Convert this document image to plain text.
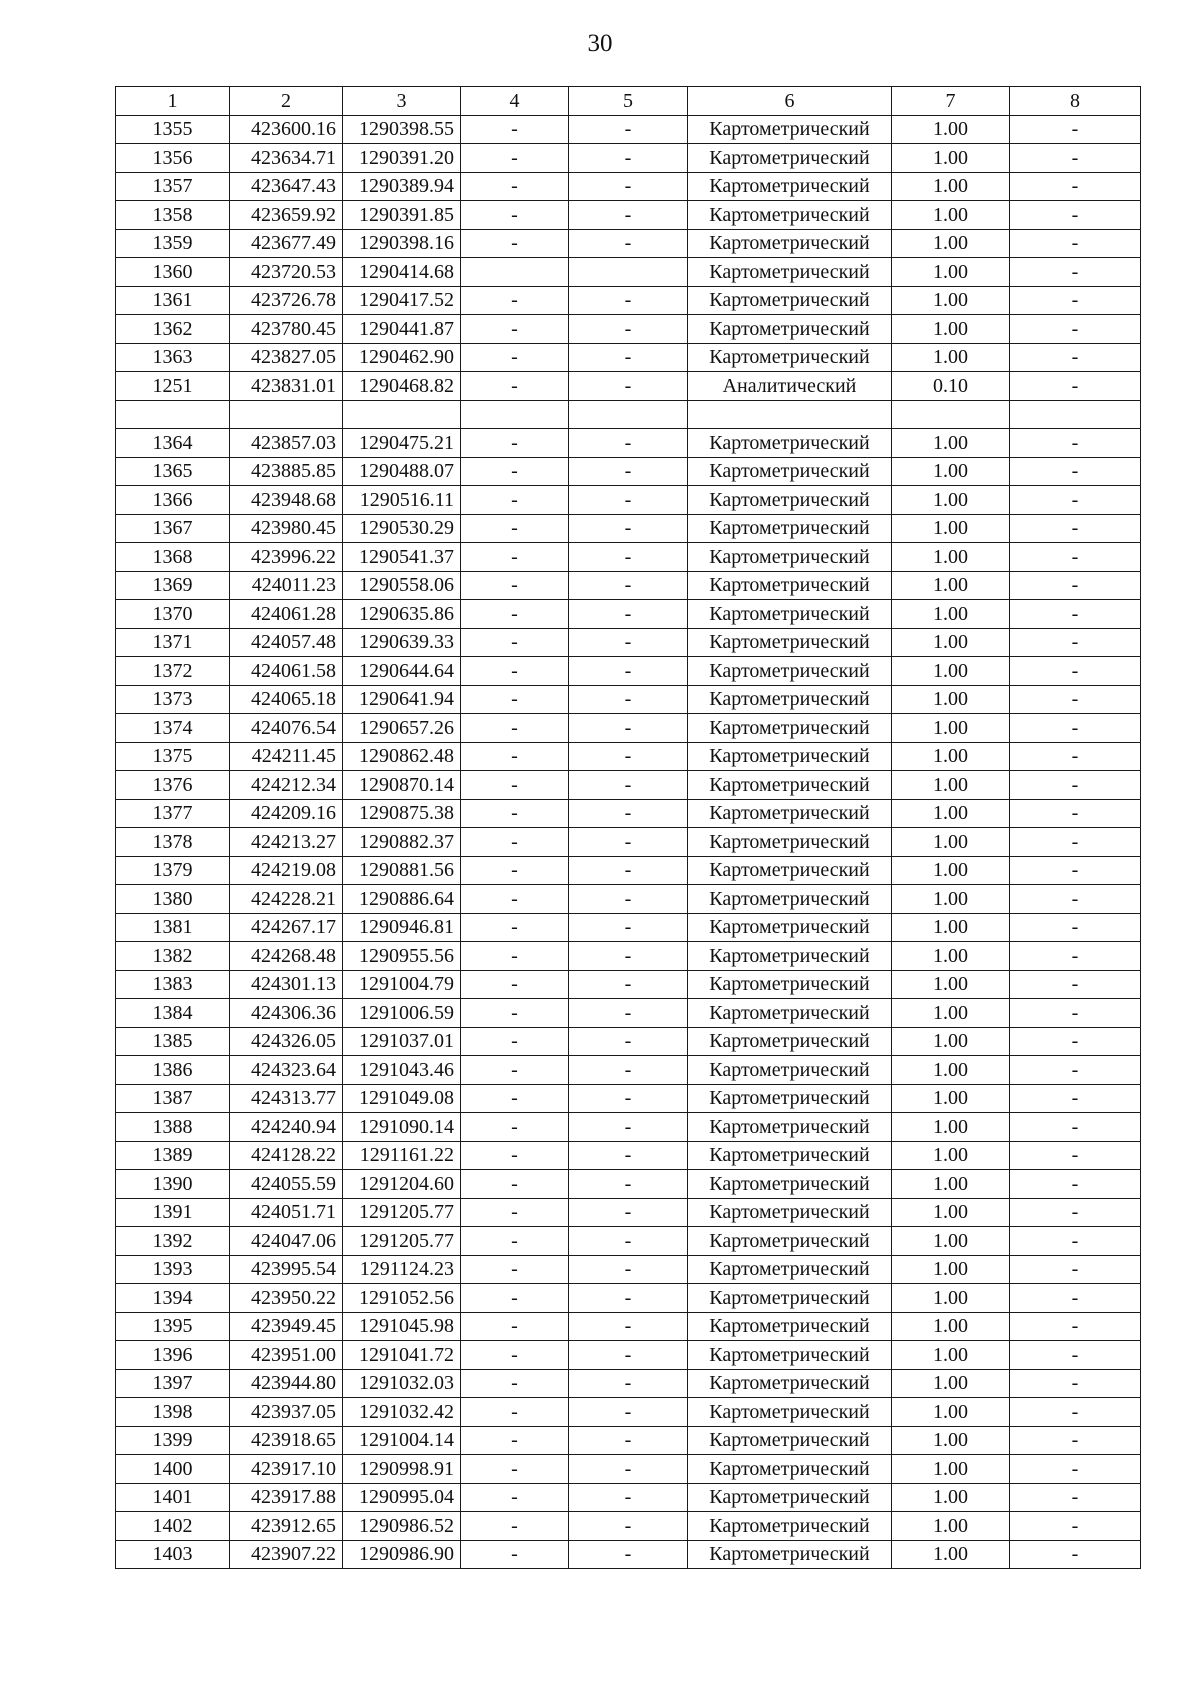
30
1	2	3	4	5	6	7	8
1355	423600.16	1290398.55	-	-	Картометрический	1.00	-
1356	423634.71	1290391.20	-	-	Картометрический	1.00	-
1357	423647.43	1290389.94	-	-	Картометрический	1.00	-
1358	423659.92	1290391.85	-	-	Картометрический	1.00	-
1359	423677.49	1290398.16	-	-	Картометрический	1.00	-
1360	423720.53	1290414.68			Картометрический	1.00	-
1361	423726.78	1290417.52	-	-	Картометрический	1.00	-
1362	423780.45	1290441.87	-	-	Картометрический	1.00	-
1363	423827.05	1290462.90	-	-	Картометрический	1.00	-
1251	423831.01	1290468.82	-	-	Аналитический	0.10	-

1364	423857.03	1290475.21	-	-	Картометрический	1.00	-
1365	423885.85	1290488.07	-	-	Картометрический	1.00	-
1366	423948.68	1290516.11	-	-	Картометрический	1.00	-
1367	423980.45	1290530.29	-	-	Картометрический	1.00	-
1368	423996.22	1290541.37	-	-	Картометрический	1.00	-
1369	424011.23	1290558.06	-	-	Картометрический	1.00	-
1370	424061.28	1290635.86	-	-	Картометрический	1.00	-
1371	424057.48	1290639.33	-	-	Картометрический	1.00	-
1372	424061.58	1290644.64	-	-	Картометрический	1.00	-
1373	424065.18	1290641.94	-	-	Картометрический	1.00	-
1374	424076.54	1290657.26	-	-	Картометрический	1.00	-
1375	424211.45	1290862.48	-	-	Картометрический	1.00	-
1376	424212.34	1290870.14	-	-	Картометрический	1.00	-
1377	424209.16	1290875.38	-	-	Картометрический	1.00	-
1378	424213.27	1290882.37	-	-	Картометрический	1.00	-
1379	424219.08	1290881.56	-	-	Картометрический	1.00	-
1380	424228.21	1290886.64	-	-	Картометрический	1.00	-
1381	424267.17	1290946.81	-	-	Картометрический	1.00	-
1382	424268.48	1290955.56	-	-	Картометрический	1.00	-
1383	424301.13	1291004.79	-	-	Картометрический	1.00	-
1384	424306.36	1291006.59	-	-	Картометрический	1.00	-
1385	424326.05	1291037.01	-	-	Картометрический	1.00	-
1386	424323.64	1291043.46	-	-	Картометрический	1.00	-
1387	424313.77	1291049.08	-	-	Картометрический	1.00	-
1388	424240.94	1291090.14	-	-	Картометрический	1.00	-
1389	424128.22	1291161.22	-	-	Картометрический	1.00	-
1390	424055.59	1291204.60	-	-	Картометрический	1.00	-
1391	424051.71	1291205.77	-	-	Картометрический	1.00	-
1392	424047.06	1291205.77	-	-	Картометрический	1.00	-
1393	423995.54	1291124.23	-	-	Картометрический	1.00	-
1394	423950.22	1291052.56	-	-	Картометрический	1.00	-
1395	423949.45	1291045.98	-	-	Картометрический	1.00	-
1396	423951.00	1291041.72	-	-	Картометрический	1.00	-
1397	423944.80	1291032.03	-	-	Картометрический	1.00	-
1398	423937.05	1291032.42	-	-	Картометрический	1.00	-
1399	423918.65	1291004.14	-	-	Картометрический	1.00	-
1400	423917.10	1290998.91	-	-	Картометрический	1.00	-
1401	423917.88	1290995.04	-	-	Картометрический	1.00	-
1402	423912.65	1290986.52	-	-	Картометрический	1.00	-
1403	423907.22	1290986.90	-	-	Картометрический	1.00	-
